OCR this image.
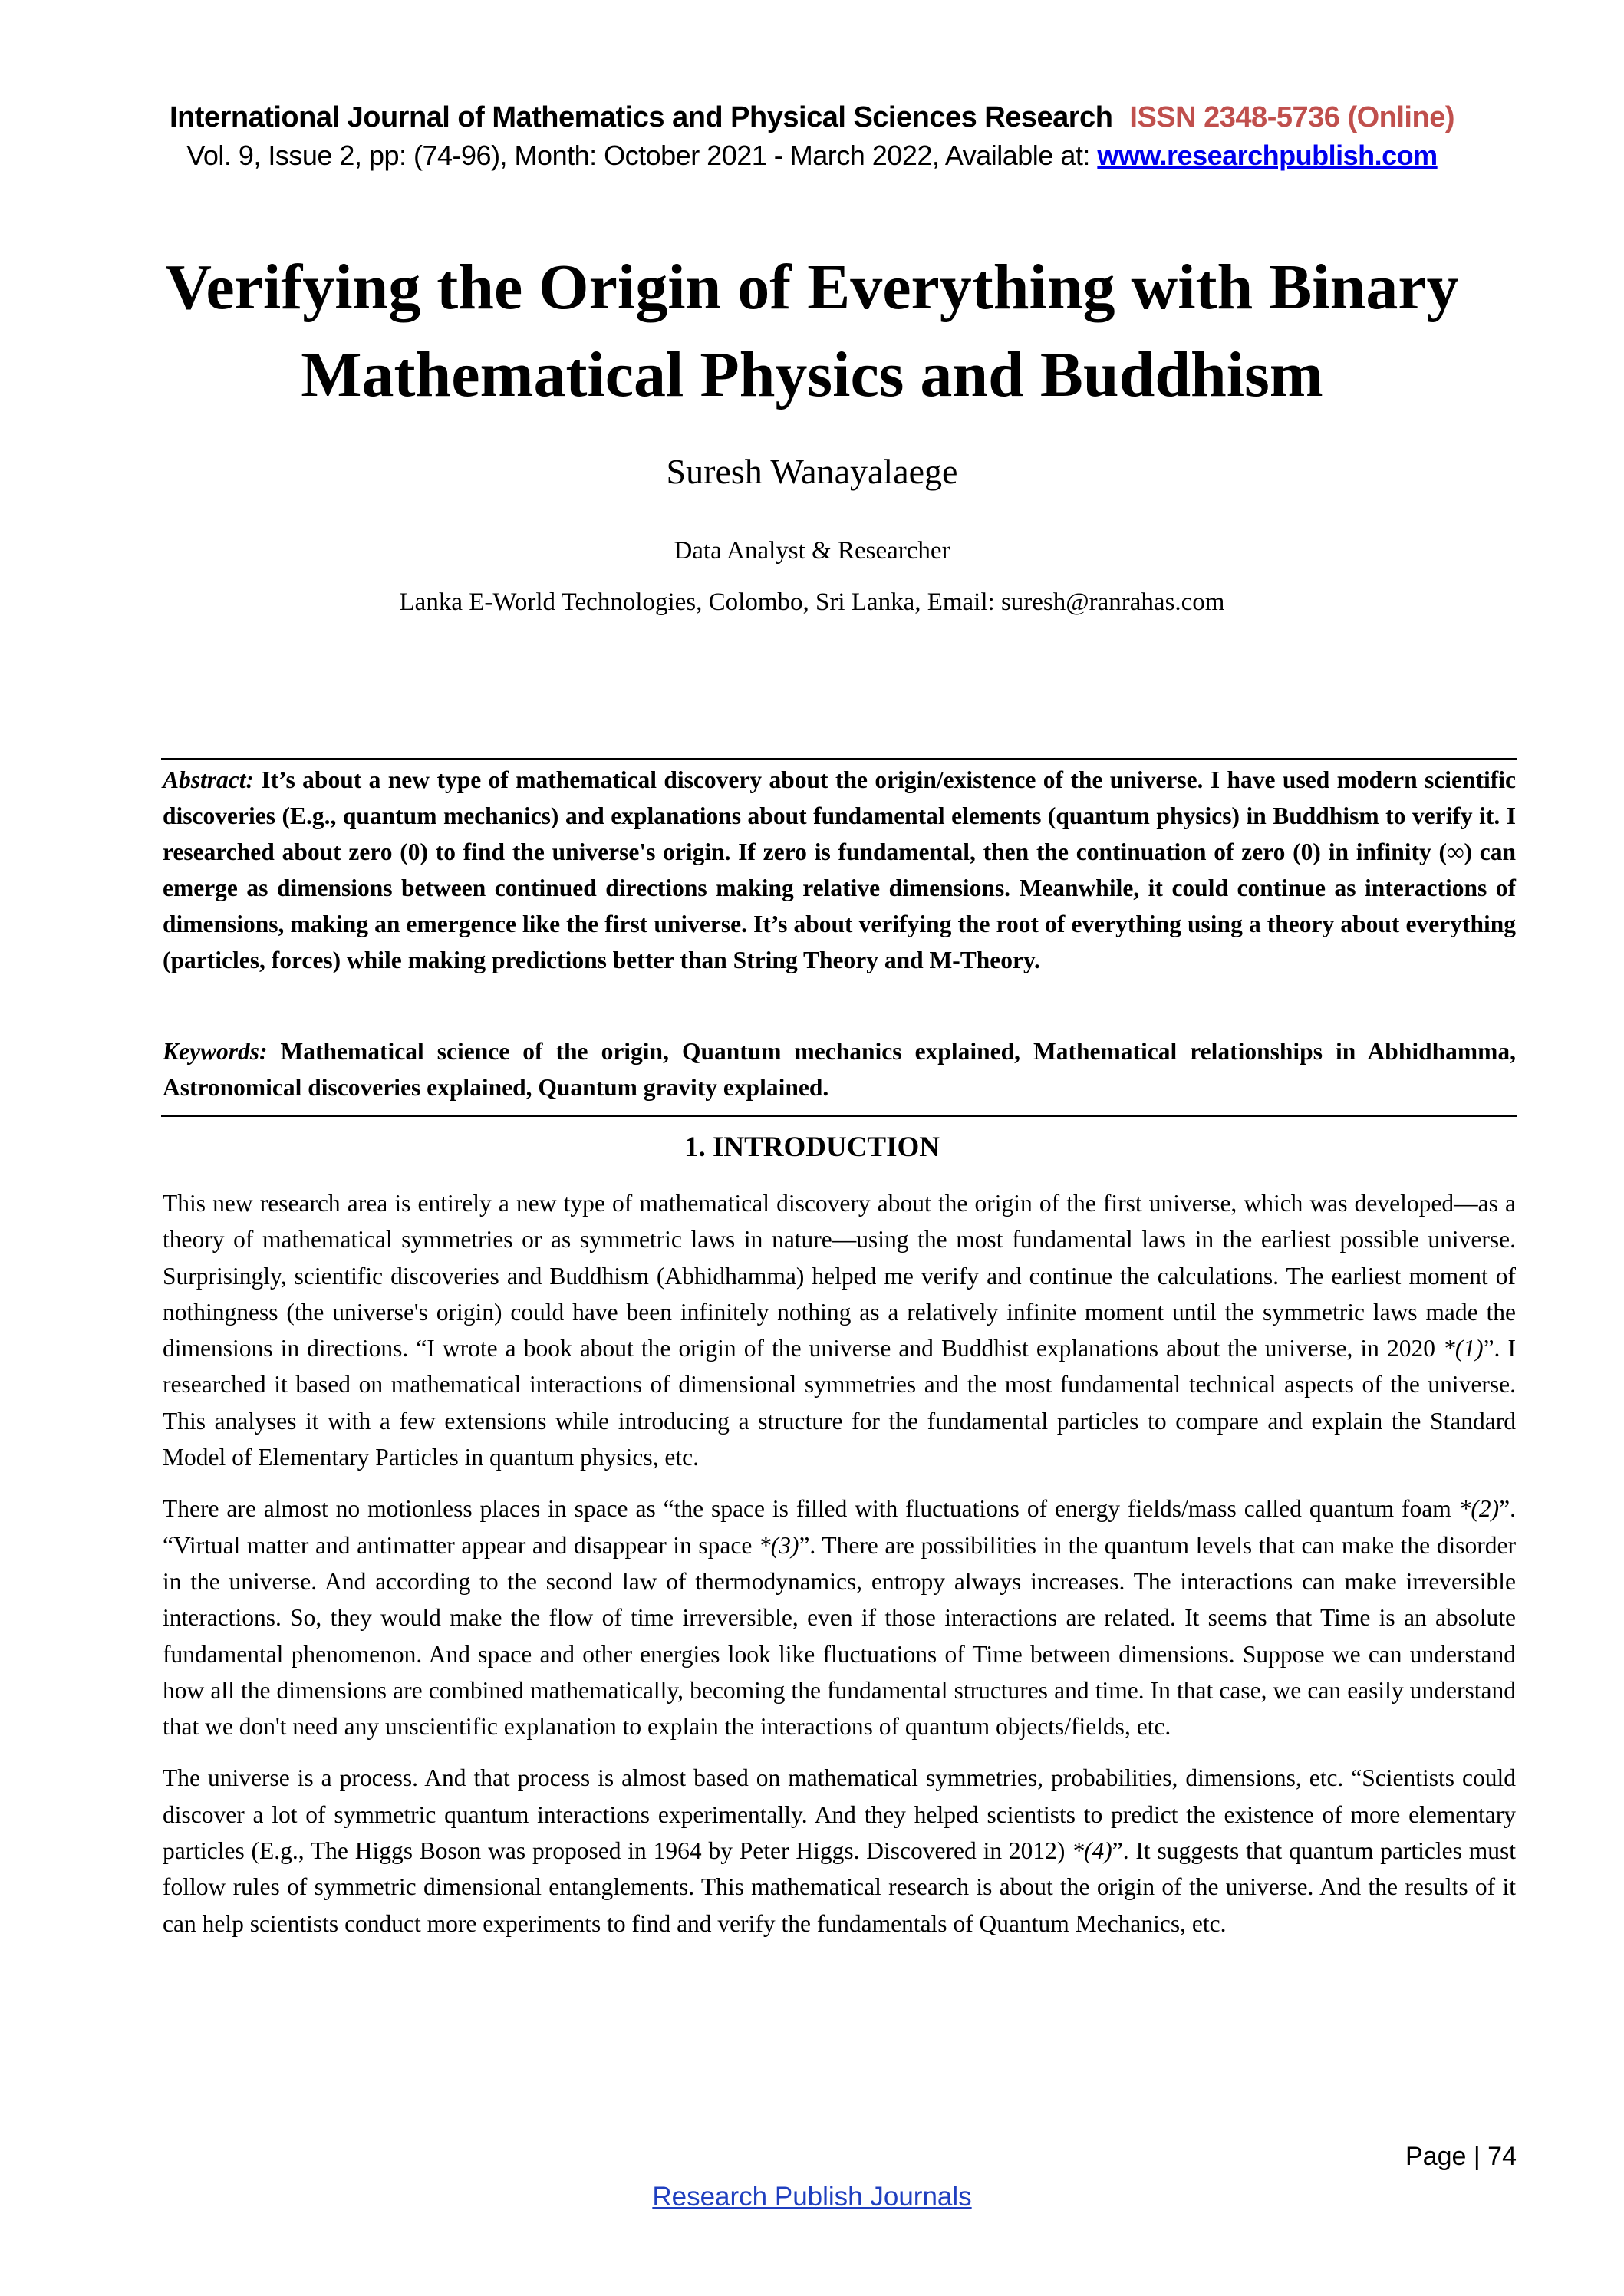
International Journal of Mathematics and Physical Sciences Research ISSN 2348-5736 (Online)
Vol. 9, Issue 2, pp: (74-96), Month: October 2021 - March 2022, Available at: www.researchpublish.com
Verifying the Origin of Everything with Binary
Mathematical Physics and Buddhism
Suresh Wanayalaege
Data Analyst & Researcher
Lanka E-World Technologies, Colombo, Sri Lanka, Email: suresh@ranrahas.com
Abstract: It’s about a new type of mathematical discovery about the origin/existence of the universe. I have used modern scientific discoveries (E.g., quantum mechanics) and explanations about fundamental elements (quantum physics) in Buddhism to verify it. I researched about zero (0) to find the universe's origin. If zero is fundamental, then the continuation of zero (0) in infinity (∞) can emerge as dimensions between continued directions making relative dimensions. Meanwhile, it could continue as interactions of dimensions, making an emergence like the first universe. It’s about verifying the root of everything using a theory about everything (particles, forces) while making predictions better than String Theory and M-Theory.
Keywords: Mathematical science of the origin, Quantum mechanics explained, Mathematical relationships in Abhidhamma, Astronomical discoveries explained, Quantum gravity explained.
1. INTRODUCTION

This new research area is entirely a new type of mathematical discovery about the origin of the first universe, which was developed—as a theory of mathematical symmetries or as symmetric laws in nature—using the most fundamental laws in the earliest possible universe. Surprisingly, scientific discoveries and Buddhism (Abhidhamma) helped me verify and continue the calculations. The earliest moment of nothingness (the universe's origin) could have been infinitely nothing as a relatively infinite moment until the symmetric laws made the dimensions in directions. “I wrote a book about the origin of the universe and Buddhist explanations about the universe, in 2020 *(1)”. I researched it based on mathematical interactions of dimensional symmetries and the most fundamental technical aspects of the universe. This analyses it with a few extensions while introducing a structure for the fundamental particles to compare and explain the Standard Model of Elementary Particles in quantum physics, etc.

There are almost no motionless places in space as “the space is filled with fluctuations of energy fields/mass called quantum foam *(2)”. “Virtual matter and antimatter appear and disappear in space *(3)”. There are possibilities in the quantum levels that can make the disorder in the universe. And according to the second law of thermodynamics, entropy always increases. The interactions can make irreversible interactions. So, they would make the flow of time irreversible, even if those interactions are related. It seems that Time is an absolute fundamental phenomenon. And space and other energies look like fluctuations of Time between dimensions. Suppose we can understand how all the dimensions are combined mathematically, becoming the fundamental structures and time. In that case, we can easily understand that we don't need any unscientific explanation to explain the interactions of quantum objects/fields, etc.

The universe is a process. And that process is almost based on mathematical symmetries, probabilities, dimensions, etc. “Scientists could discover a lot of symmetric quantum interactions experimentally. And they helped scientists to predict the existence of more elementary particles (E.g., The Higgs Boson was proposed in 1964 by Peter Higgs. Discovered in 2012) *(4)”. It suggests that quantum particles must follow rules of symmetric dimensional entanglements. This mathematical research is about the origin of the universe. And the results of it can help scientists conduct more experiments to find and verify the fundamentals of Quantum Mechanics, etc.

Page | 74
Research Publish Journals
